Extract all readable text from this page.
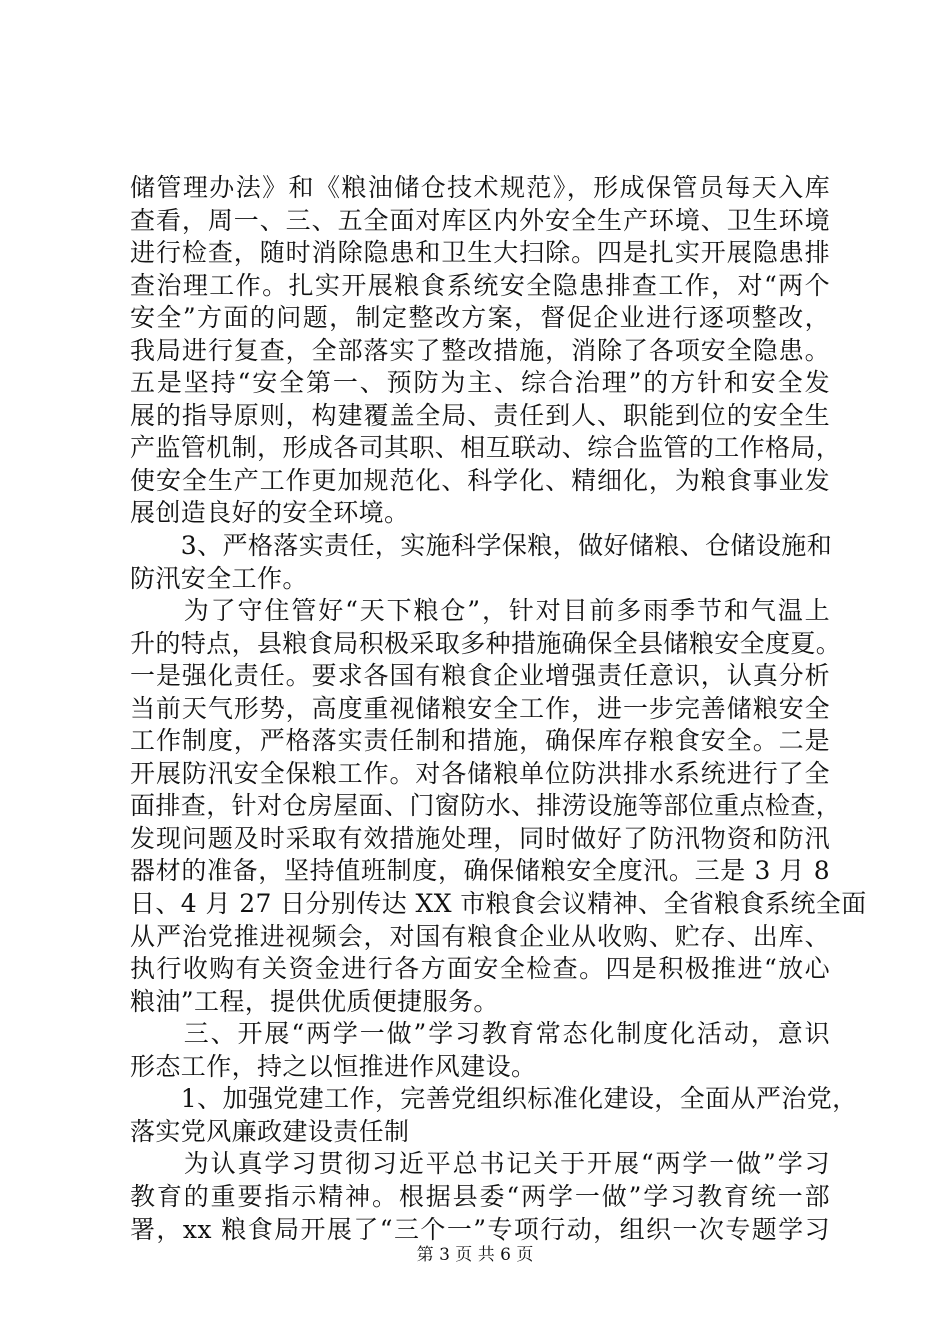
储管理办法》和《粮油储仓技术规范》，形成保管员每天入库
查看，周一、三、五全面对库区内外安全生产环境、卫生环境
进行检查，随时消除隐患和卫生大扫除。四是扎实开展隐患排
查治理工作。扎实开展粮食系统安全隐患排查工作，对“两个
安全”方面的问题，制定整改方案，督促企业进行逐项整改，
我局进行复查，全部落实了整改措施，消除了各项安全隐患。
五是坚持“安全第一、预防为主、综合治理”的方针和安全发
展的指导原则，构建覆盖全局、责任到人、职能到位的安全生
产监管机制，形成各司其职、相互联动、综合监管的工作格局，
使安全生产工作更加规范化、科学化、精细化，为粮食事业发
展创造良好的安全环境。
　　3、严格落实责任，实施科学保粮，做好储粮、仓储设施和
防汛安全工作。
　　为了守住管好“天下粮仓”，针对目前多雨季节和气温上
升的特点，县粮食局积极采取多种措施确保全县储粮安全度夏。
一是强化责任。要求各国有粮食企业增强责任意识，认真分析
当前天气形势，高度重视储粮安全工作，进一步完善储粮安全
工作制度，严格落实责任制和措施，确保库存粮食安全。二是
开展防汛安全保粮工作。对各储粮单位防洪排水系统进行了全
面排查，针对仓房屋面、门窗防水、排涝设施等部位重点检查，
发现问题及时采取有效措施处理，同时做好了防汛物资和防汛
器材的准备，坚持值班制度，确保储粮安全度汛。三是 3 月 8
日、4 月 27 日分别传达 XX 市粮食会议精神、全省粮食系统全面
从严治党推进视频会，对国有粮食企业从收购、贮存、出库、
执行收购有关资金进行各方面安全检查。四是积极推进“放心
粮油”工程，提供优质便捷服务。
　　三、开展“两学一做”学习教育常态化制度化活动，意识
形态工作，持之以恒推进作风建设。
　　1、加强党建工作，完善党组织标准化建设，全面从严治党，
落实党风廉政建设责任制
　　为认真学习贯彻习近平总书记关于开展“两学一做”学习
教育的重要指示精神。根据县委“两学一做”学习教育统一部
署，xx 粮食局开展了“三个一”专项行动，组织一次专题学习
第 3 页 共 6 页
